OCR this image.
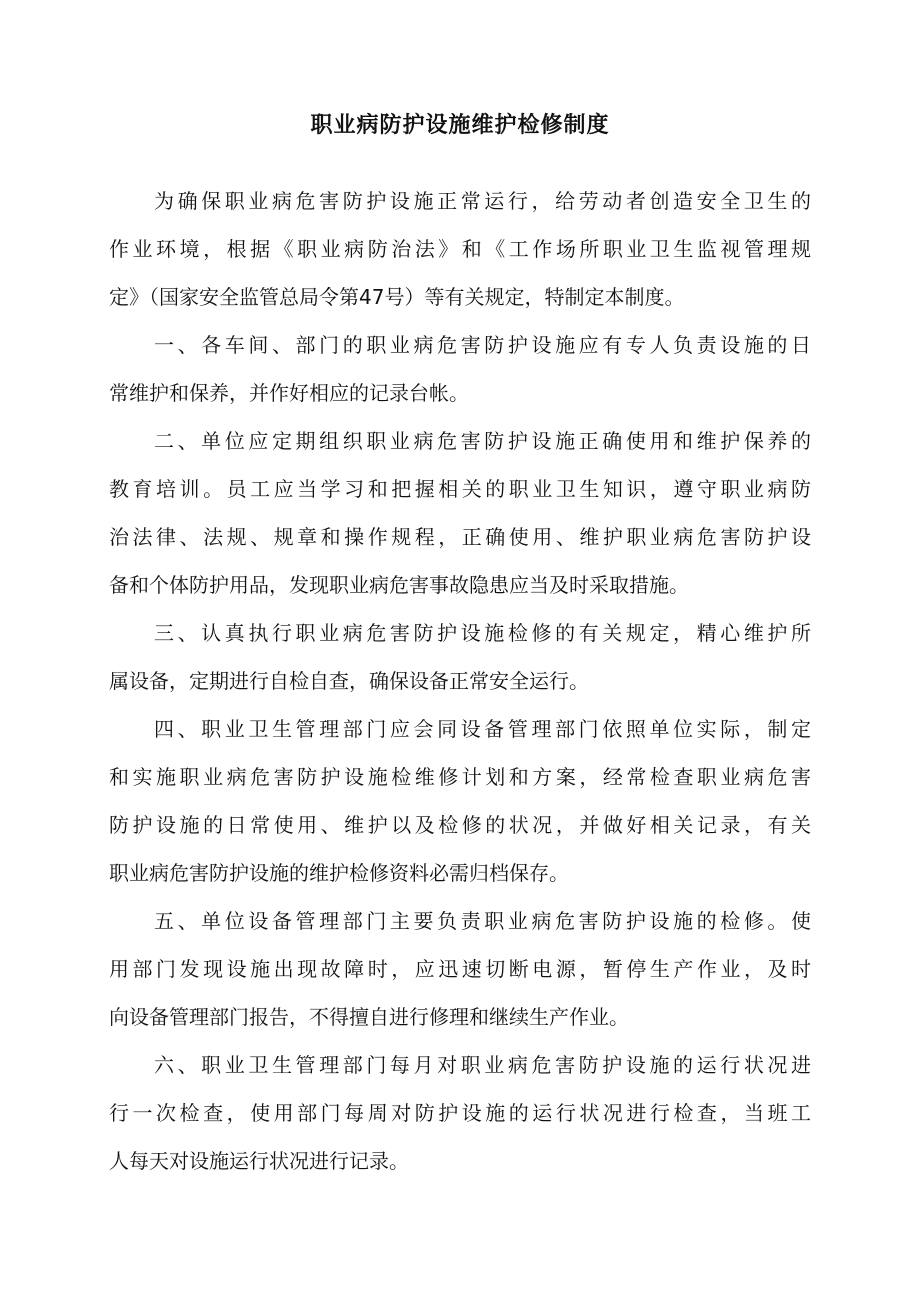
职业病防护设施维护检修制度

为确保职业病危害防护设施正常运行，给劳动者创造安全卫生的

作业环境，根据《职业病防治法》和《工作场所职业卫生监视管理规

定》（国家安全监管总局令第47号）等有关规定，特制定本制度。

一、各车间、部门的职业病危害防护设施应有专人负责设施的日

常维护和保养，并作好相应的记录台帐。

二、单位应定期组织职业病危害防护设施正确使用和维护保养的

教育培训。员工应当学习和把握相关的职业卫生知识，遵守职业病防

治法律、法规、规章和操作规程，正确使用、维护职业病危害防护设

备和个体防护用品，发现职业病危害事故隐患应当及时采取措施。

三、认真执行职业病危害防护设施检修的有关规定，精心维护所

属设备，定期进行自检自查，确保设备正常安全运行。

四、职业卫生管理部门应会同设备管理部门依照单位实际，制定

和实施职业病危害防护设施检维修计划和方案，经常检查职业病危害

防护设施的日常使用、维护以及检修的状况，并做好相关记录，有关

职业病危害防护设施的维护检修资料必需归档保存。

五、单位设备管理部门主要负责职业病危害防护设施的检修。使

用部门发现设施出现故障时，应迅速切断电源，暂停生产作业，及时

向设备管理部门报告，不得擅自进行修理和继续生产作业。

六、职业卫生管理部门每月对职业病危害防护设施的运行状况进

行一次检查，使用部门每周对防护设施的运行状况进行检查，当班工

人每天对设施运行状况进行记录。
